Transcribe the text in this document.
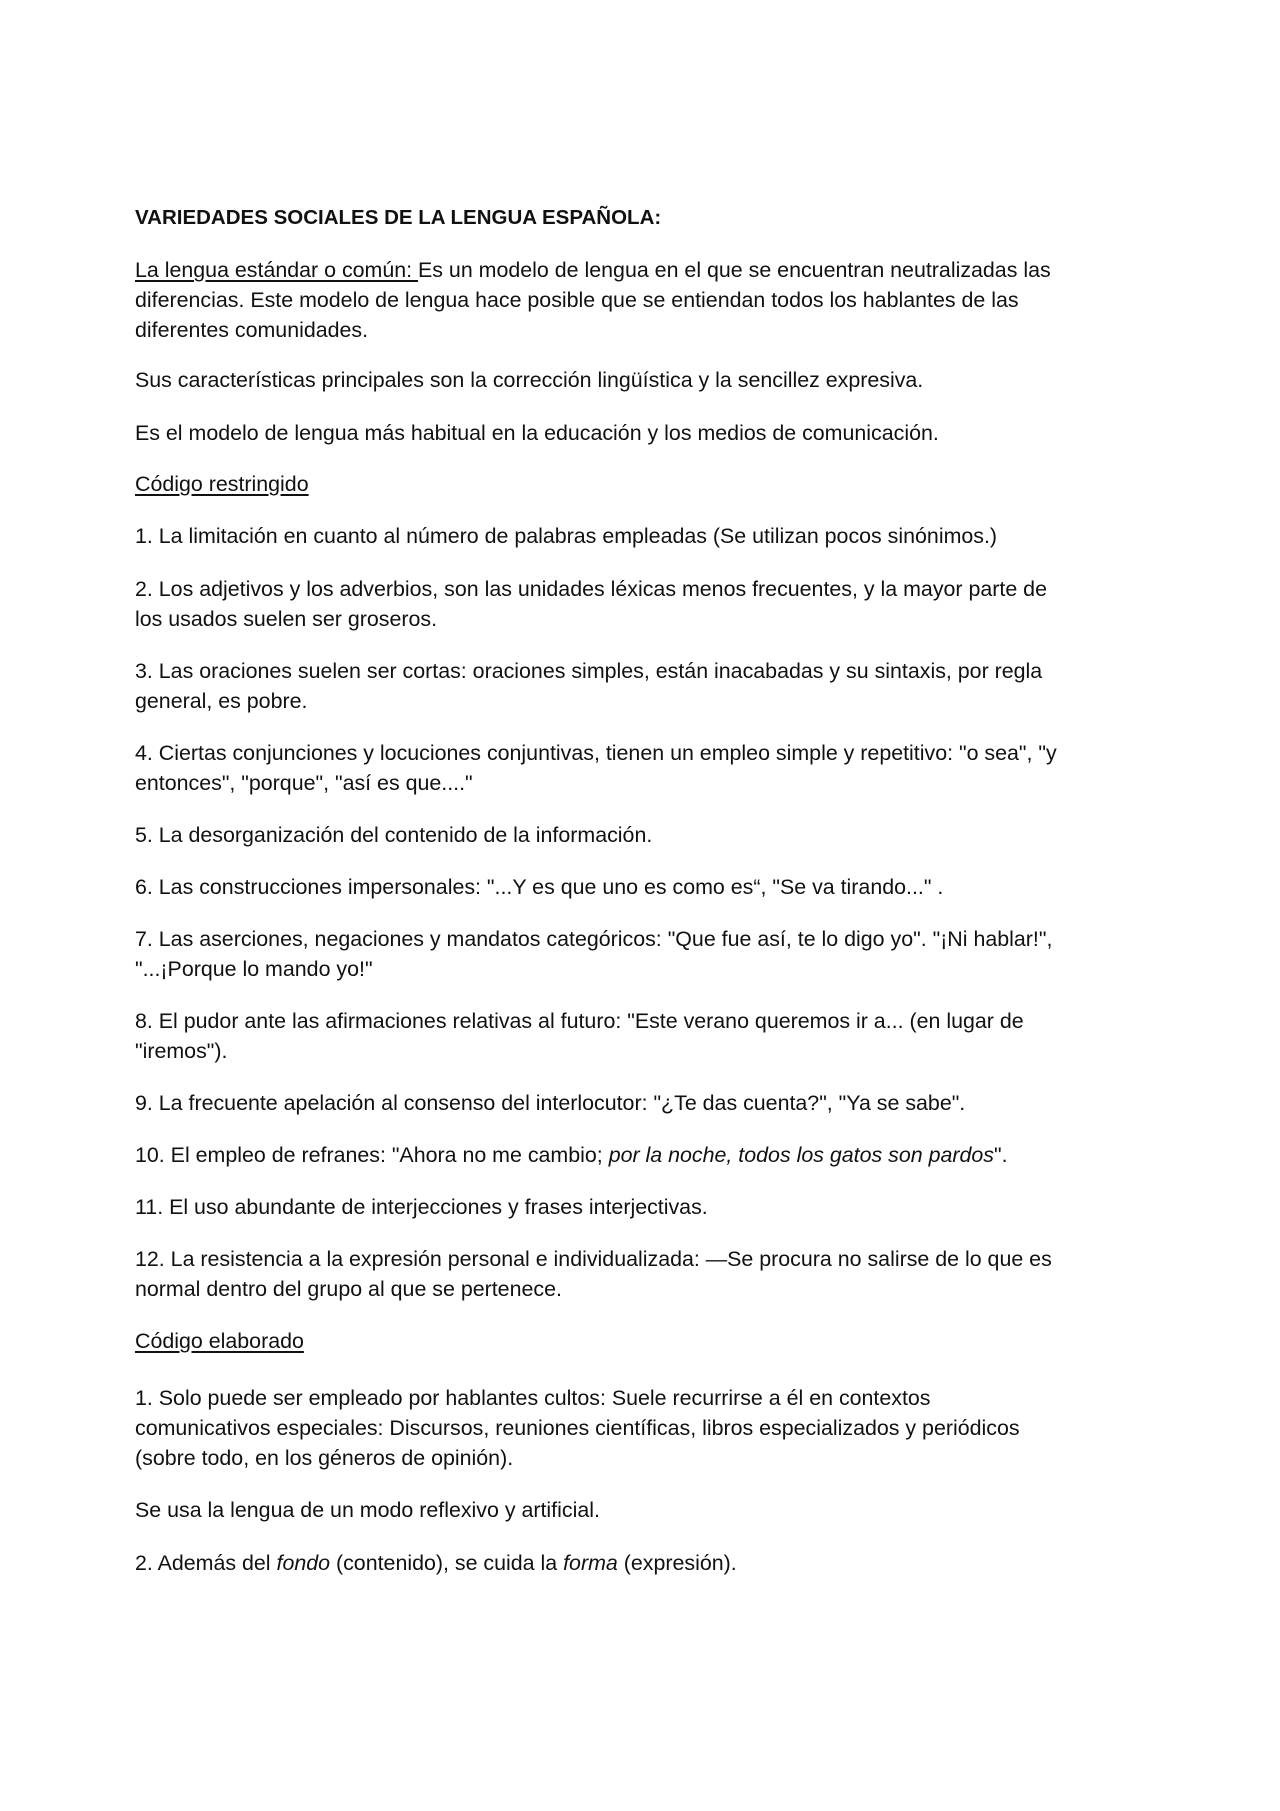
VARIEDADES SOCIALES DE LA LENGUA ESPAÑOLA:
La lengua estándar o común: Es un modelo de lengua en el que se encuentran neutralizadas las
diferencias. Este modelo de lengua hace posible que se entiendan todos los hablantes de las
diferentes comunidades.
Sus características principales son la corrección lingüística y la sencillez expresiva.
Es el modelo de lengua más habitual en la educación y los medios de comunicación.
Código restringido
1. La limitación en cuanto al número de palabras empleadas (Se utilizan pocos sinónimos.)
2. Los adjetivos y los adverbios, son las unidades léxicas menos frecuentes, y la mayor parte de
los usados suelen ser groseros.
3. Las oraciones suelen ser cortas: oraciones simples, están inacabadas y su sintaxis, por regla
general, es pobre.
4. Ciertas conjunciones y locuciones conjuntivas, tienen un empleo simple y repetitivo: "o sea", "y
entonces", "porque", "así es que...."
5. La desorganización del contenido de la información.
6. Las construcciones impersonales: "...Y es que uno es como es“, "Se va tirando..." .
7. Las aserciones, negaciones y mandatos categóricos: "Que fue así, te lo digo yo". "¡Ni hablar!",
"...¡Porque lo mando yo!"
8. El pudor ante las afirmaciones relativas al futuro: "Este verano queremos ir a... (en lugar de
"iremos").
9. La frecuente apelación al consenso del interlocutor: "¿Te das cuenta?", "Ya se sabe".
10. El empleo de refranes: "Ahora no me cambio; por la noche, todos los gatos son pardos".
11. El uso abundante de interjecciones y frases interjectivas.
12. La resistencia a la expresión personal e individualizada: —Se procura no salirse de lo que es
normal dentro del grupo al que se pertenece.
Código elaborado
1. Solo puede ser empleado por hablantes cultos: Suele recurrirse a él en contextos
comunicativos especiales: Discursos, reuniones científicas, libros especializados y periódicos
(sobre todo, en los géneros de opinión).
Se usa la lengua de un modo reflexivo y artificial.
2. Además del fondo (contenido), se cuida la forma (expresión).
